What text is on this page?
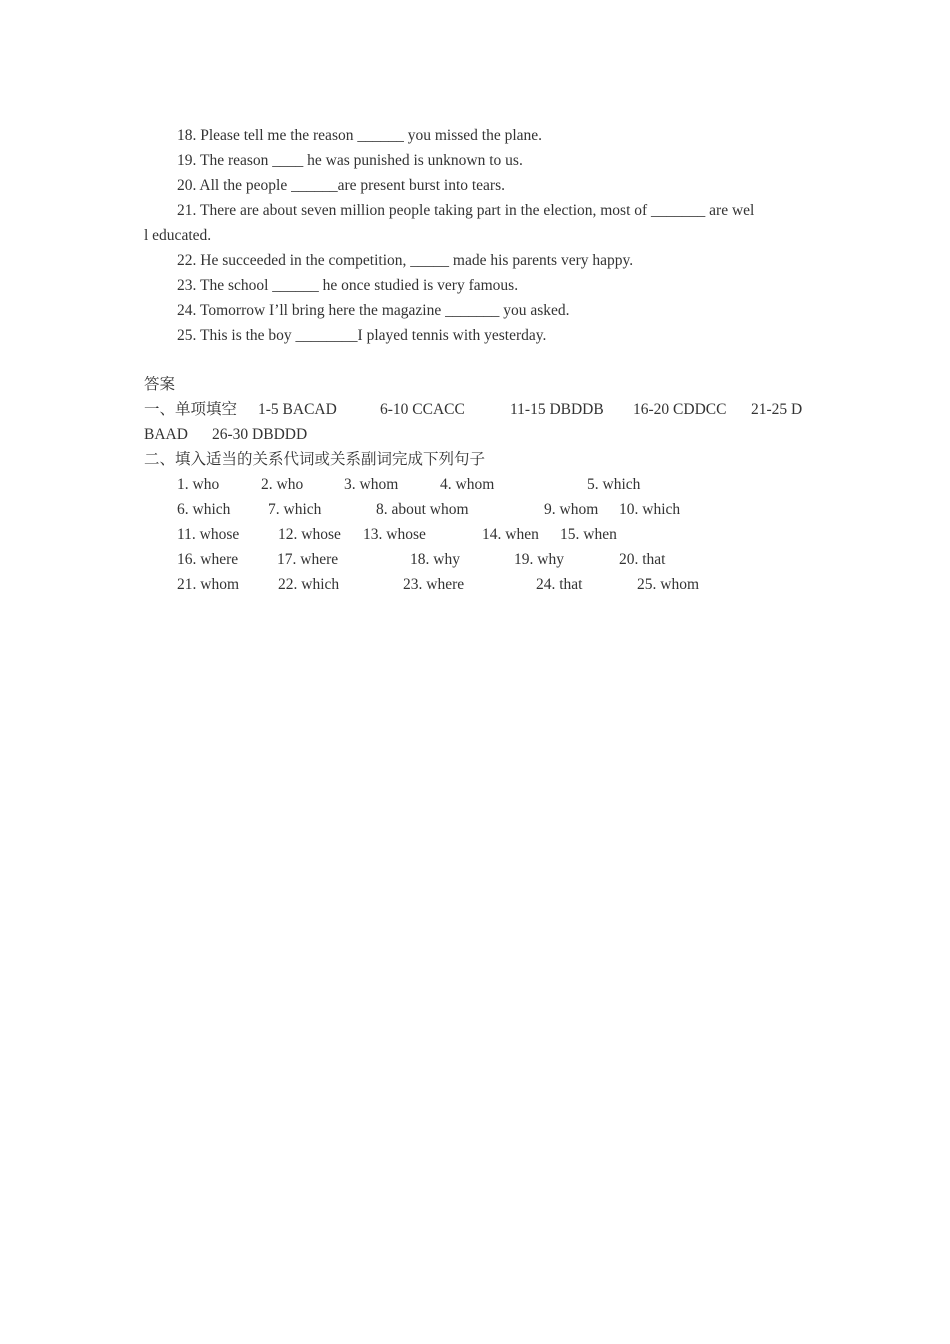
18. Please tell me the reason ______ you missed the plane.
19. The reason ____ he was punished is unknown to us.
20. All the people ______are present burst into tears.
21. There are about seven million people taking part in the election, most of _______ are wel
l educated.
22. He succeeded in the competition, _____ made his parents very happy.
23. The school ______ he once studied is very famous.
24. Tomorrow I’ll bring here the magazine _______ you asked.
25. This is the boy ________I played tennis with yesterday.
答案
一、单项填空 1-5 BACAD	6-10 CCACC	11-15 DBDDB 16-20 CDDCC 21-25 D
BAAD 26-30 DBDDD
二、填入适当的关系代词或关系副词完成下列句子
1. who	2. who	3. whom	4. whom	5. which
6. which 7. which	8. about whom	9. whom 10. which
11. whose 12. whose 13. whose	14. when 15. when
16. where	17. where	18. why	19. why	20. that
21. whom	22. which	23. where	24. that	25. whom
